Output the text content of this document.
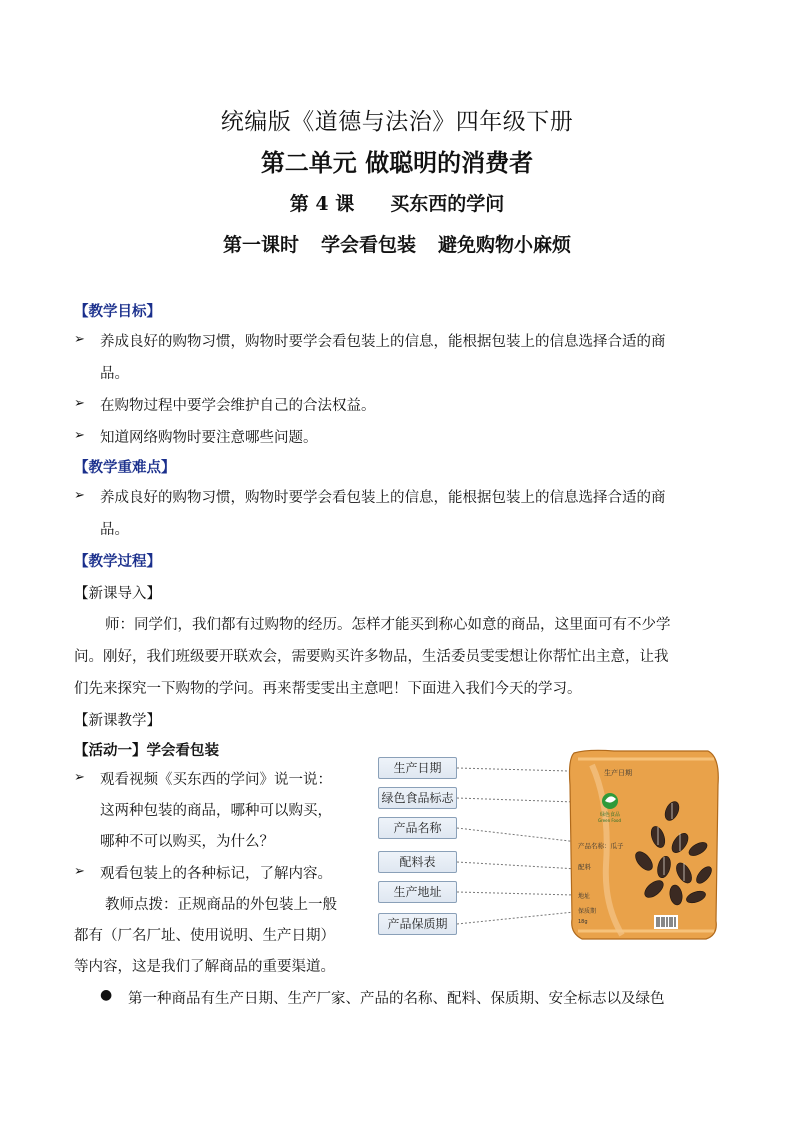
统编版《道德与法治》四年级下册
第二单元 做聪明的消费者
第 4 课 买东西的学问
第一课时 学会看包装 避免购物小麻烦
【教学目标】
➢ 养成良好的购物习惯，购物时要学会看包装上的信息，能根据包装上的信息选择合适的商
品。
➢ 在购物过程中要学会维护自己的合法权益。
➢ 知道网络购物时要注意哪些问题。
【教学重难点】
➢ 养成良好的购物习惯，购物时要学会看包装上的信息，能根据包装上的信息选择合适的商
品。
【教学过程】
【新课导入】
师：同学们，我们都有过购物的经历。怎样才能买到称心如意的商品，这里面可有不少学
问。刚好，我们班级要开联欢会，需要购买许多物品，生活委员雯雯想让你帮忙出主意，让我
们先来探究一下购物的学问。再来帮雯雯出主意吧！下面进入我们今天的学习。
【新课教学】
【活动一】学会看包装
➢ 观看视频《买东西的学问》说一说：
这两种包装的商品，哪种可以购买，
哪种不可以购买，为什么？
➢ 观看包装上的各种标记，了解内容。
教师点拨：正规商品的外包装上一般
都有（厂名厂址、使用说明、生产日期）
等内容，这是我们了解商品的重要渠道。
● 第一种商品有生产日期、生产厂家、产品的名称、配料、保质期、安全标志以及绿色
生产日期
绿色食品标志
产品名称
配料表
生产地址
产品保质期
生产日期
绿色食品
Green Food
产品名称：瓜子
配料
地址
保质期
18g
